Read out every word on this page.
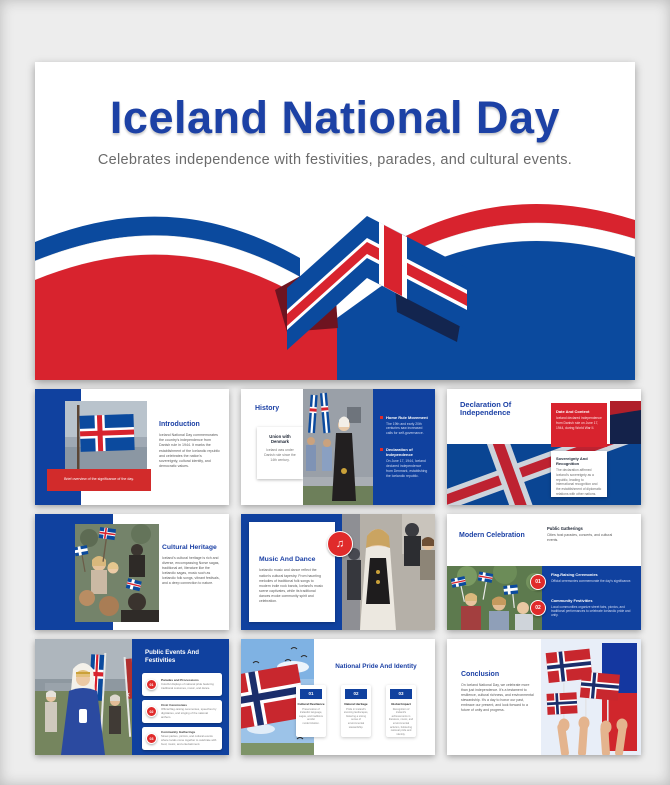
Iceland National Day
Celebrates independence with festivities, parades, and cultural events.
Brief overview of the significance of the day.
Introduction
Iceland National Day commemorates the country's independence from Danish rule in 1944. It marks the establishment of the Icelandic republic and celebrates the nation's sovereignty, cultural identity, and democratic values.
History
Union with Denmark
Iceland was under Danish rule since the 14th century.
Home Rule Movement
The 19th and early 20th centuries saw increased calls for self-governance.
Declaration of Independence
On June 17, 1944, Iceland declared independence from Denmark, establishing the Icelandic republic.
Declaration Of Independence	Date And Context
Iceland declared independence from Danish rule on June 17, 1944, during World War II.
Sovereignty And Recognition
The declaration affirmed Iceland's sovereignty as a republic, leading to international recognition and the establishment of diplomatic relations with other nations.
Cultural Heritage
Iceland's cultural heritage is rich and diverse, encompassing Norse sagas, traditional art, literature like the Icelandic sagas, music such as Icelandic folk songs, vibrant festivals, and a deep connection to nature.
Music And Dance
Icelandic music and dance reflect the nation's cultural tapestry. From haunting melodies of traditional folk songs to modern indie rock bands, Iceland's music scene captivates, while its traditional dances evoke community spirit and celebration.
♫
Modern Celebration
Public Gatherings
Cities host parades, concerts, and cultural events.
Flag-Raising Ceremonies
Official ceremonies commemorate the day's significance.
Community Festivities
Local communities organize street fairs, picnics, and traditional performances to celebrate Icelandic pride and unity.
01
02
Public Events And Festivities
‹
01
Parades and Processions
Colorful displays of national pride featuring traditional costumes, music, and dance.
02
Civic Ceremonies
Official flag-raising ceremonies, speeches by dignitaries, and singing of the national anthem.
03
Community Gatherings
Street parties, picnics, and cultural events where locals come together to celebrate with food, music, and entertainment.
National Pride And Identity
01
Cultural Resilience
Preservation of Icelandic language, sagas, and traditions amidst modernization.
02
Natural Heritage
Pride in Iceland's stunning landscapes, fostering a strong sense of environmental stewardship.
03
Global Impact
Recognition of Iceland's achievements in literature, music, and environmental activism, bolstering national pride and identity.
Conclusion
On Iceland National Day, we celebrate more than just independence. It's a testament to resilience, cultural richness, and environmental stewardship. It's a day to honor our past, embrace our present, and look forward to a future of unity and progress.
